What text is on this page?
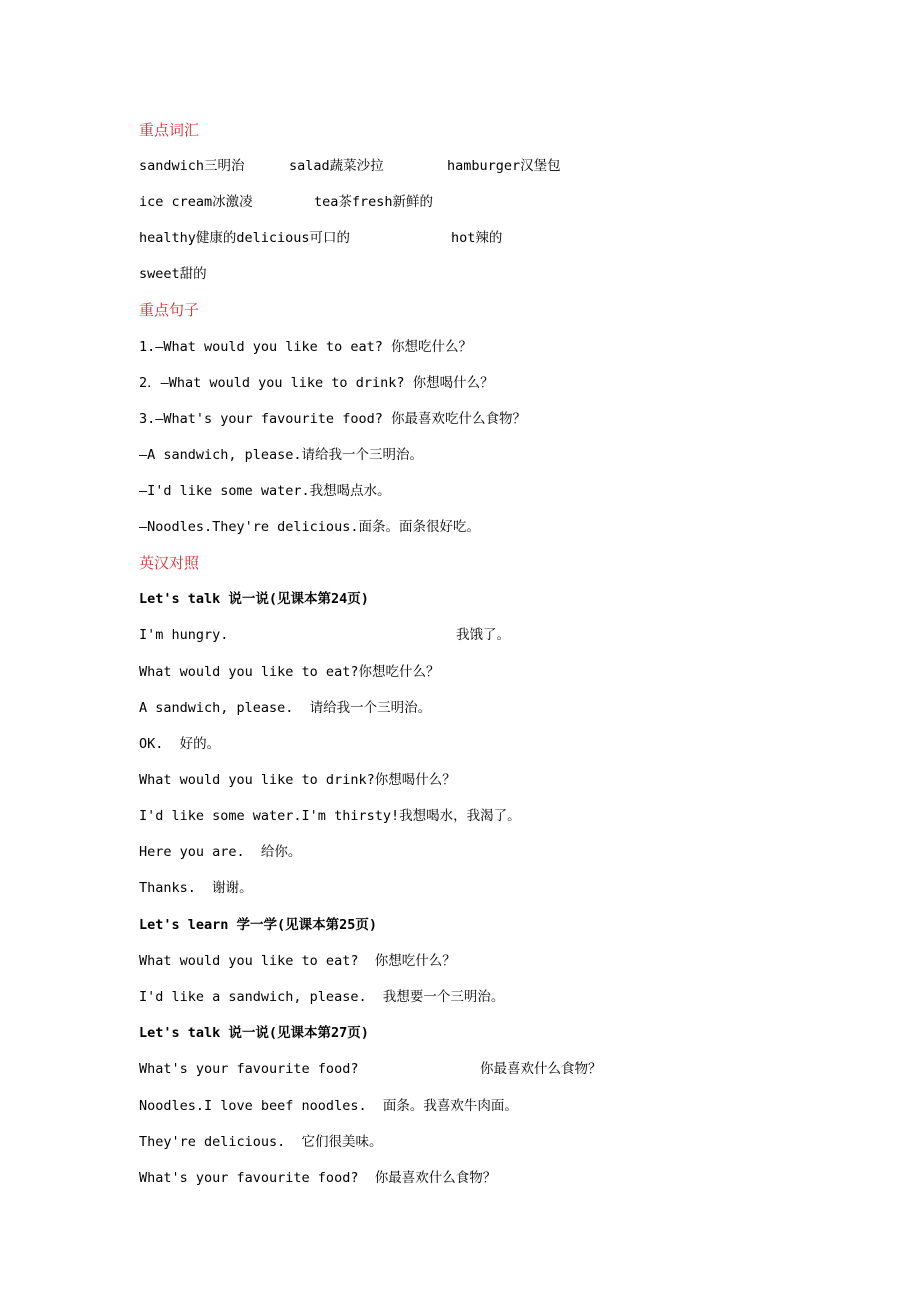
重点词汇

sandwich三明治

	salad蔬菜沙拉

	hamburger汉堡包

ice cream冰激凌

	tea茶fresh新鲜的

healthy健康的delicious可口的

	hot辣的

sweet甜的
重点句子
1.—What would you like to eat? 你想吃什么？
2．—What would you like to drink? 你想喝什么？
3.—What's your favourite food? 你最喜欢吃什么食物？
—A sandwich, please.请给我一个三明治。
—I'd like some water.我想喝点水。
—Noodles.They're delicious.面条。面条很好吃。
英汉对照
Let's talk 说一说(见课本第24页)

I'm hungry.

	我饿了。

What would you like to eat?你想吃什么？
A sandwich, please.  请给我一个三明治。
OK.  好的。
What would you like to drink?你想喝什么？
I'd like some water.I'm thirsty!我想喝水，我渴了。
Here you are.  给你。
Thanks.  谢谢。
Let's learn 学一学(见课本第25页)
What would you like to eat?  你想吃什么？
I'd like a sandwich, please.  我想要一个三明治。
Let's talk 说一说(见课本第27页)

What's your favourite food?

	你最喜欢什么食物？

Noodles.I love beef noodles.  面条。我喜欢牛肉面。
They're delicious.  它们很美味。
What's your favourite food?  你最喜欢什么食物？
